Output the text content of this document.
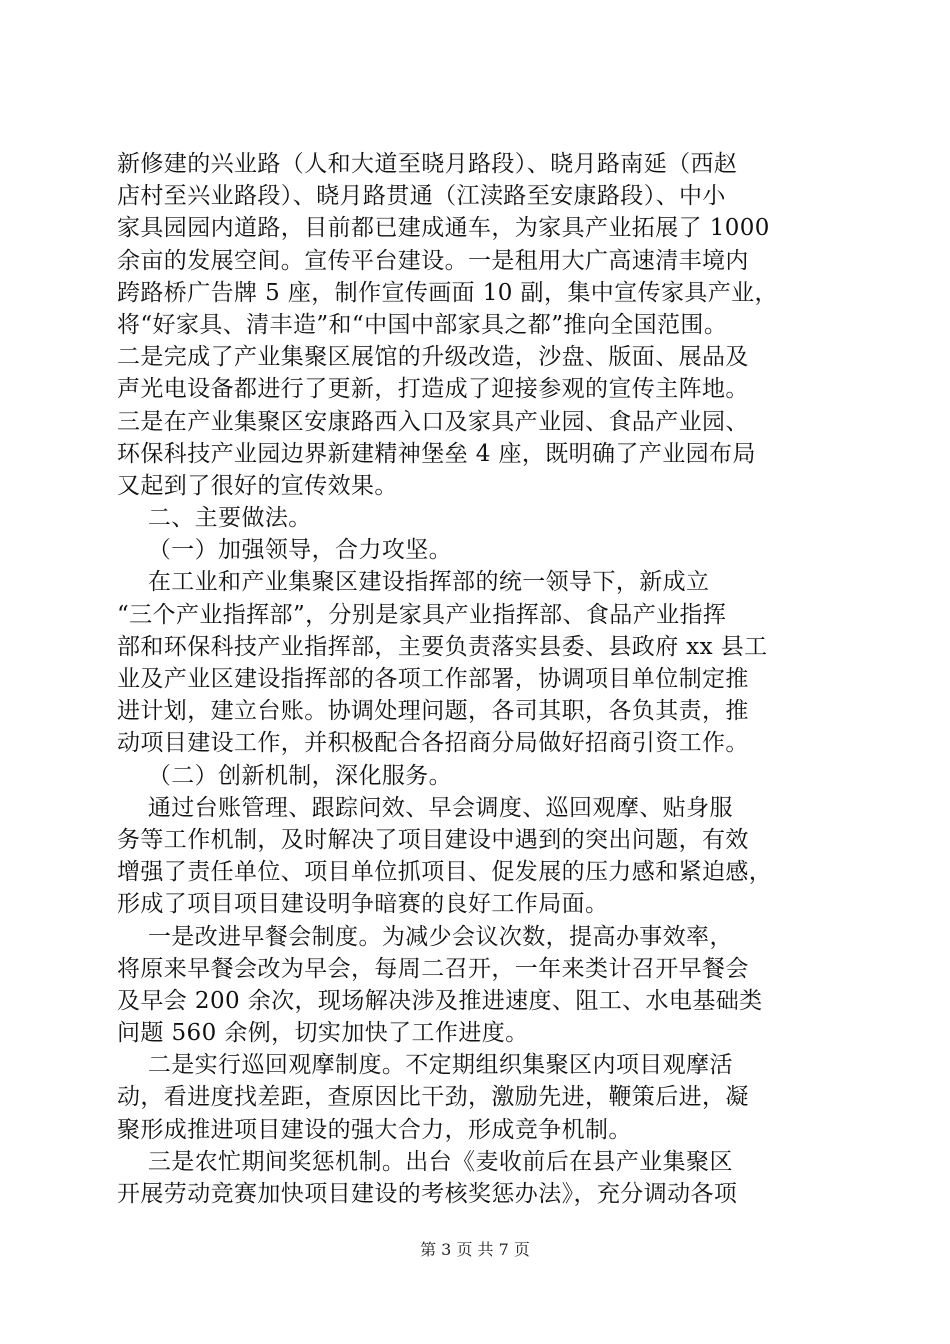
新修建的兴业路（人和大道至晓月路段）、晓月路南延（西赵
店村至兴业路段）、晓月路贯通（江渎路至安康路段）、中小
家具园园内道路，目前都已建成通车，为家具产业拓展了 1000
余亩的发展空间。宣传平台建设。一是租用大广高速清丰境内
跨路桥广告牌 5 座，制作宣传画面 10 副，集中宣传家具产业，
将“好家具、清丰造”和“中国中部家具之都”推向全国范围。
二是完成了产业集聚区展馆的升级改造，沙盘、版面、展品及
声光电设备都进行了更新，打造成了迎接参观的宣传主阵地。
三是在产业集聚区安康路西入口及家具产业园、食品产业园、
环保科技产业园边界新建精神堡垒 4 座，既明确了产业园布局
又起到了很好的宣传效果。
二、主要做法。
（一）加强领导，合力攻坚。
在工业和产业集聚区建设指挥部的统一领导下，新成立
“三个产业指挥部”，分别是家具产业指挥部、食品产业指挥
部和环保科技产业指挥部，主要负责落实县委、县政府 xx 县工
业及产业区建设指挥部的各项工作部署，协调项目单位制定推
进计划，建立台账。协调处理问题，各司其职，各负其责，推
动项目建设工作，并积极配合各招商分局做好招商引资工作。
（二）创新机制，深化服务。
通过台账管理、跟踪问效、早会调度、巡回观摩、贴身服
务等工作机制，及时解决了项目建设中遇到的突出问题，有效
增强了责任单位、项目单位抓项目、促发展的压力感和紧迫感，
形成了项目项目建设明争暗赛的良好工作局面。
一是改进早餐会制度。为减少会议次数，提高办事效率，
将原来早餐会改为早会，每周二召开，一年来类计召开早餐会
及早会 200 余次，现场解决涉及推进速度、阻工、水电基础类
问题 560 余例，切实加快了工作进度。
二是实行巡回观摩制度。不定期组织集聚区内项目观摩活
动，看进度找差距，查原因比干劲，激励先进，鞭策后进，凝
聚形成推进项目建设的强大合力，形成竞争机制。
三是农忙期间奖惩机制。出台《麦收前后在县产业集聚区
开展劳动竞赛加快项目建设的考核奖惩办法》，充分调动各项
第 3 页 共 7 页
